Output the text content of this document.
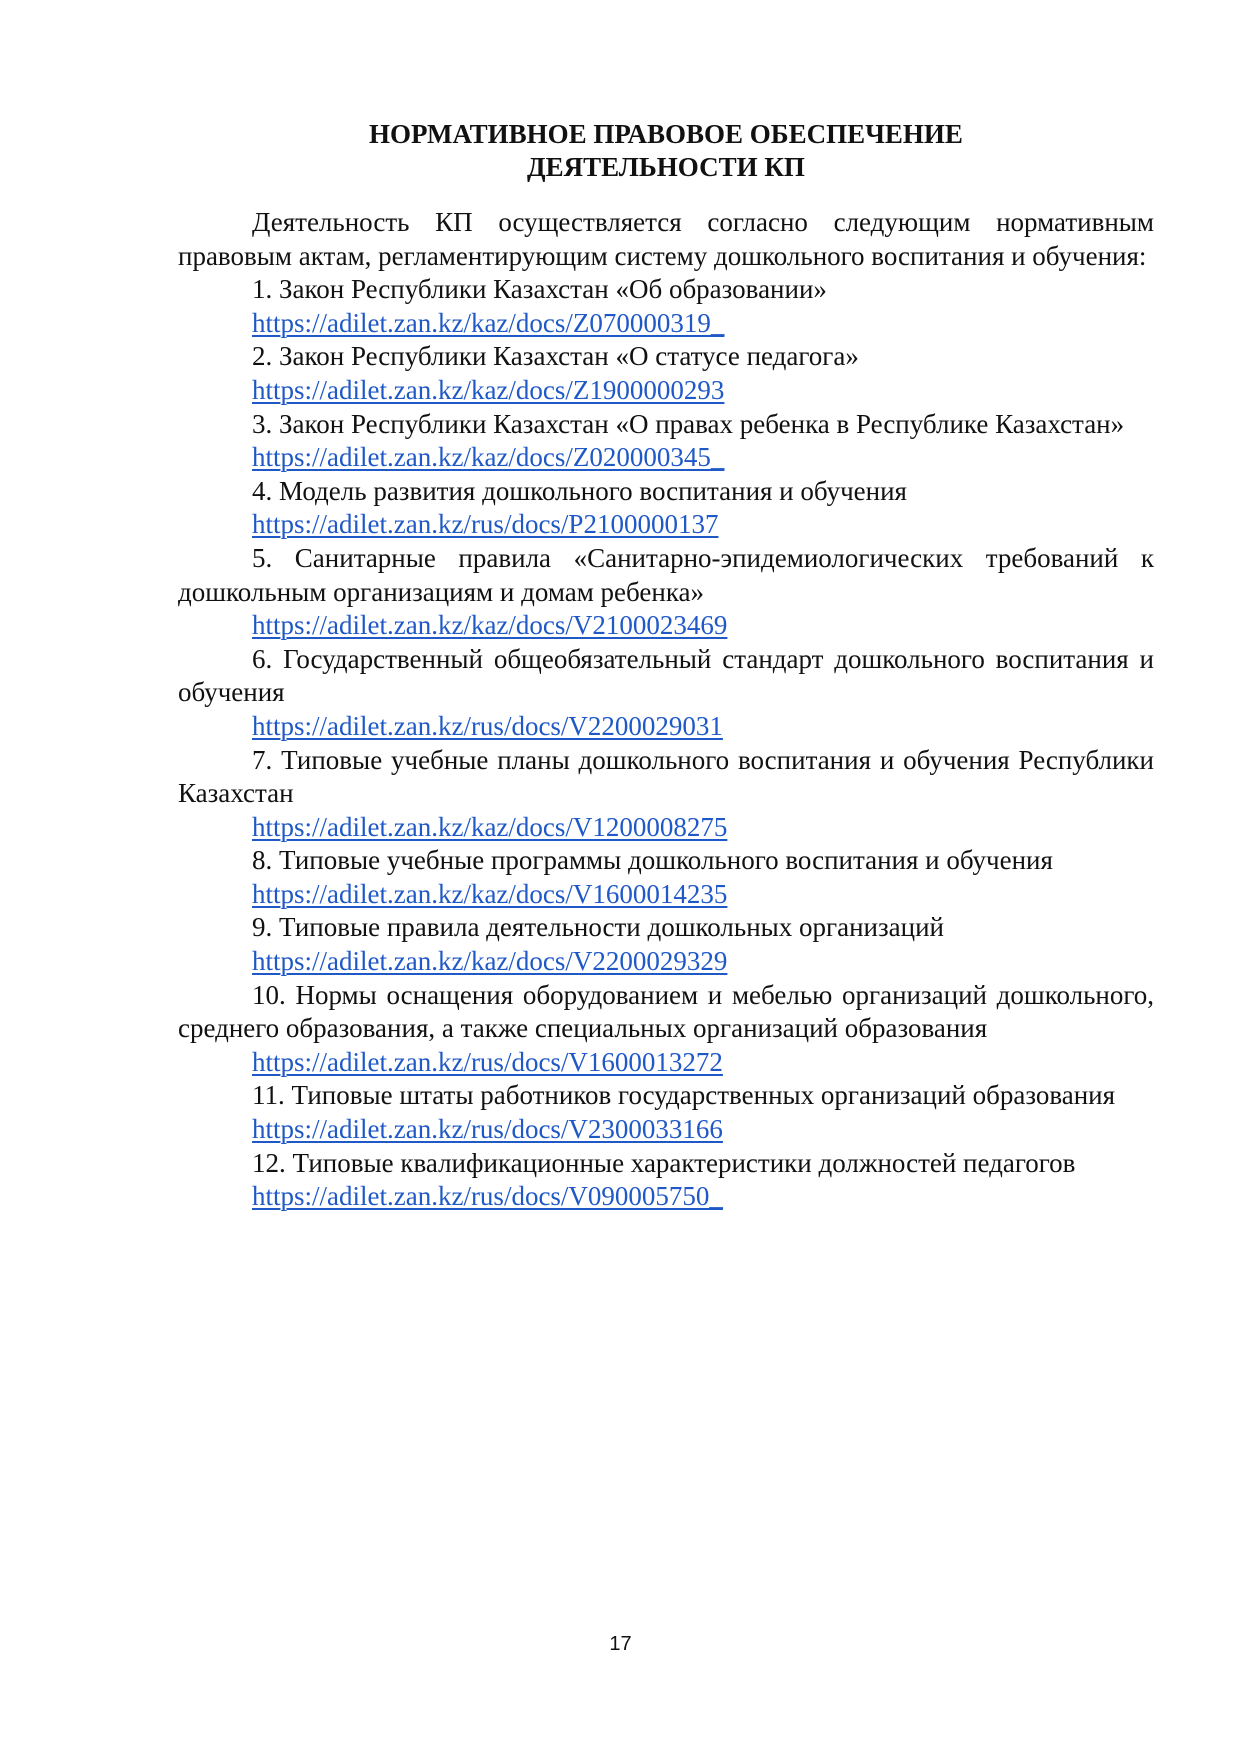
НОРМАТИВНОЕ ПРАВОВОЕ ОБЕСПЕЧЕНИЕ
ДЕЯТЕЛЬНОСТИ КП

Деятельность КП осуществляется согласно следующим нормативным правовым актам, регламентирующим систему дошкольного воспитания и обучения:

1. Закон Республики Казахстан «Об образовании»

https://adilet.zan.kz/kaz/docs/Z070000319_

2. Закон Республики Казахстан «О статусе педагога»

https://adilet.zan.kz/kaz/docs/Z1900000293

3. Закон Республики Казахстан «О правах ребенка в Республике Казахстан»

https://adilet.zan.kz/kaz/docs/Z020000345_

4. Модель развития дошкольного воспитания и обучения

https://adilet.zan.kz/rus/docs/P2100000137

5. Санитарные правила «Санитарно-эпидемиологических требований к дошкольным организациям и домам ребенка»

https://adilet.zan.kz/kaz/docs/V2100023469

6. Государственный общеобязательный стандарт дошкольного воспитания и обучения

https://adilet.zan.kz/rus/docs/V2200029031

7. Типовые учебные планы дошкольного воспитания и обучения Республики Казахстан

https://adilet.zan.kz/kaz/docs/V1200008275

8. Типовые учебные программы дошкольного воспитания и обучения

https://adilet.zan.kz/kaz/docs/V1600014235

9. Типовые правила деятельности дошкольных организаций

https://adilet.zan.kz/kaz/docs/V2200029329

10. Нормы оснащения оборудованием и мебелью организаций дошкольного, среднего образования, а также специальных организаций образования

https://adilet.zan.kz/rus/docs/V1600013272

11. Типовые штаты работников государственных организаций образования

https://adilet.zan.kz/rus/docs/V2300033166

12. Типовые квалификационные характеристики должностей педагогов

https://adilet.zan.kz/rus/docs/V090005750_

17
